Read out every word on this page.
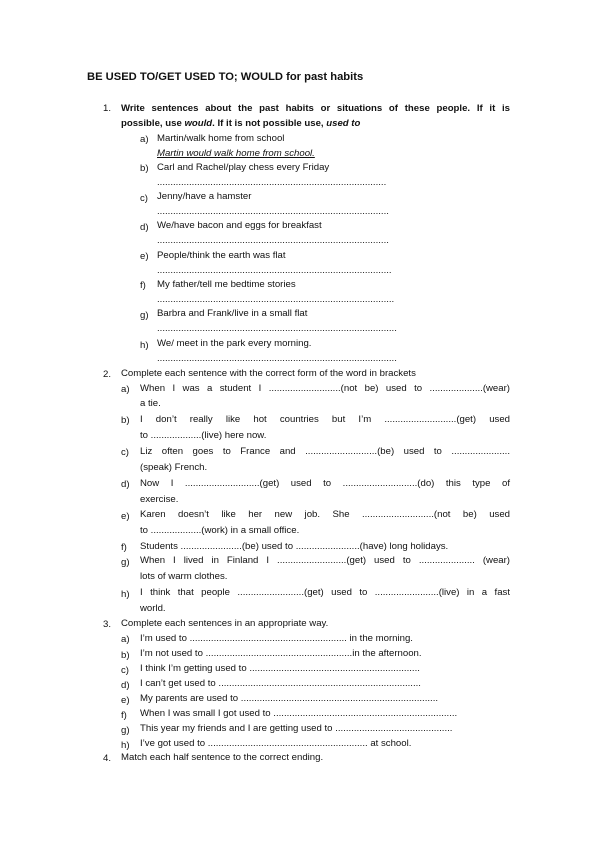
BE USED TO/GET USED TO; WOULD for past habits
1. Write sentences about the past habits or situations of these people. If it is
possible, use would. If it is not possible use, used to
a) Martin/walk home from school
Martin would walk home from school.
b) Carl and Rachel/play chess every Friday
......................................................................................
c) Jenny/have a hamster
.......................................................................................
d) We/have bacon and eggs for breakfast
.......................................................................................
e) People/think the earth was flat
........................................................................................
f) My father/tell me bedtime stories
.........................................................................................
g) Barbra and Frank/live in a small flat
..........................................................................................
h) We/ meet in the park every morning.
..........................................................................................
2. Complete each sentence with the correct form of the word in brackets
a) When I was a student I ...........................(not be) used to ....................(wear)
a tie.
b) I don’t really like hot countries but I’m ...........................(get) used
to ...................(live) here now.
c) Liz often goes to France and ...........................(be) used to ......................
(speak) French.
d) Now I ............................(get) used to ............................(do) this type of
exercise.
e) Karen doesn’t like her new job. She ...........................(not be) used
to ...................(work) in a small office.
f) Students .......................(be) used to ........................(have) long holidays.
g) When I lived in Finland I ..........................(get) used to ..................... (wear)
lots of warm clothes.
h) I think that people .........................(get) used to ........................(live) in a fast
world.
3. Complete each sentences in an appropriate way.
a) I’m used to ........................................................... in the morning.
b) I’m not used to .......................................................in the afternoon.
c) I think I’m getting used to ................................................................
d) I can’t get used to ............................................................................
e) My parents are used to ..........................................................................
f) When I was small I got used to .....................................................................
g) This year my friends and I are getting used to ............................................
h) I’ve got used to ............................................................ at school.
4. Match each half sentence to the correct ending.
